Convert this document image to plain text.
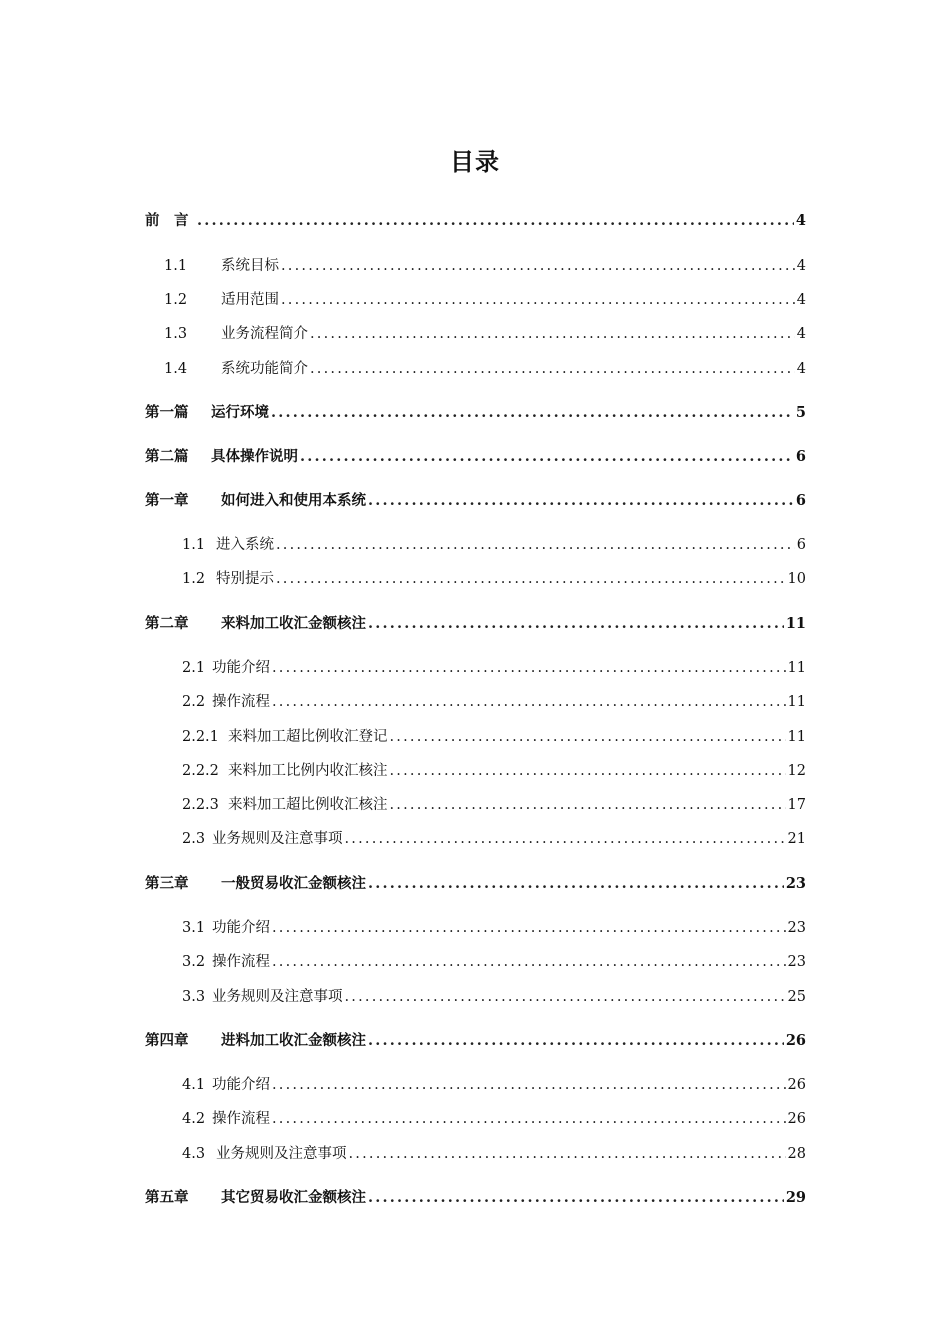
目录
前　言 .....	4
1.1	系统目标 .....	4
1.2	适用范围 .....	4
1.3	业务流程简介 .....	4
1.4	系统功能简介 .....	4
第一篇	运行环境 .....	5
第二篇	具体操作说明 .....	6
第一章	如何进入和使用本系统 .....	6
1.1 进入系统 .....	6
1.2 特别提示 .....	10
第二章	来料加工收汇金额核注 .....	11
2.1 功能介绍 .....	11
2.2 操作流程 .....	11
2.2.1 来料加工超比例收汇登记 .....	11
2.2.2 来料加工比例内收汇核注 .....	12
2.2.3 来料加工超比例收汇核注 .....	17
2.3 业务规则及注意事项 .....	21
第三章	一般贸易收汇金额核注 .....	23
3.1 功能介绍 .....	23
3.2 操作流程 .....	23
3.3 业务规则及注意事项 .....	25
第四章	进料加工收汇金额核注 .....	26
4.1 功能介绍 .....	26
4.2 操作流程 .....	26
4.3 业务规则及注意事项 .....	28
第五章	其它贸易收汇金额核注 .....	29
